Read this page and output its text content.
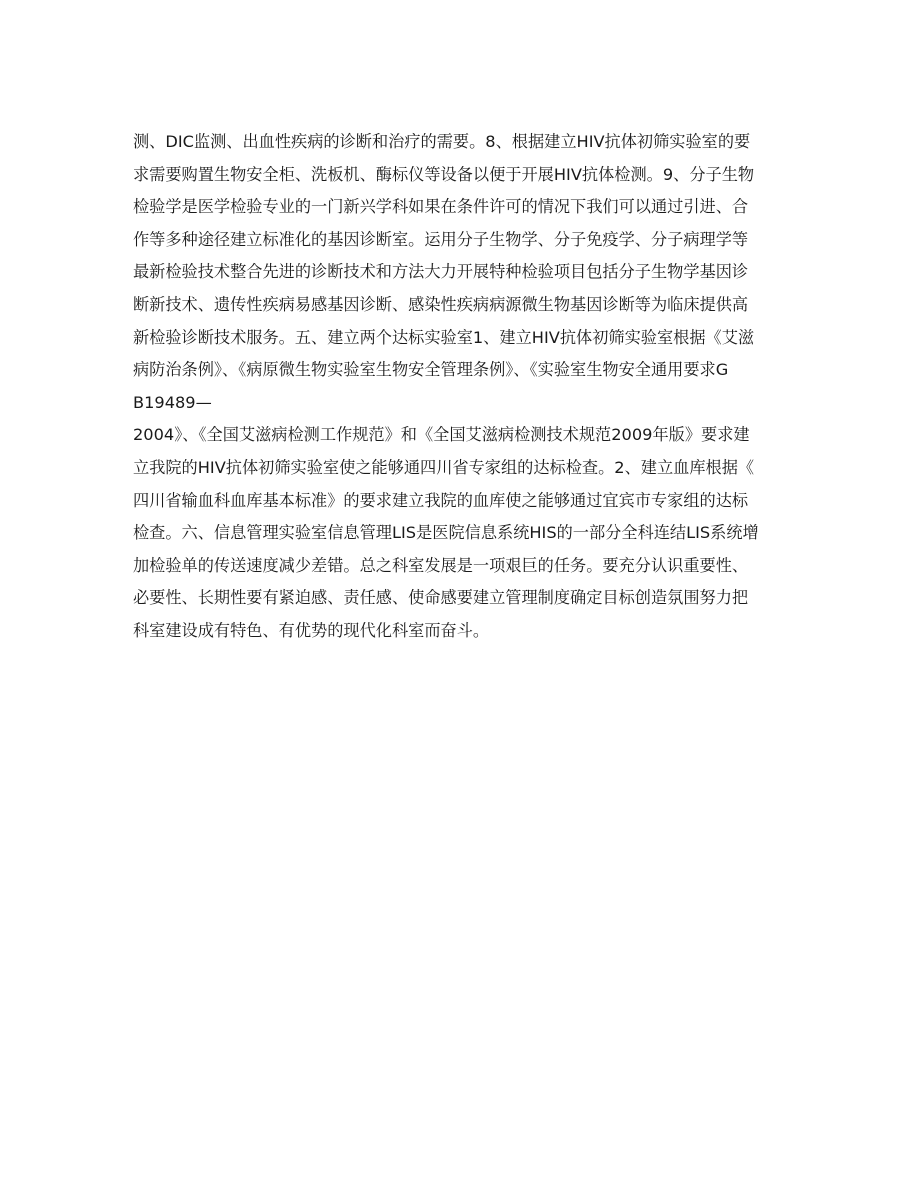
测、DIC监测、出血性疾病的诊断和治疗的需要。8、根据建立HIV抗体初筛实验室的要
求需要购置生物安全柜、洗板机、酶标仪等设备以便于开展HIV抗体检测。9、分子生物
检验学是医学检验专业的一门新兴学科如果在条件许可的情况下我们可以通过引进、合
作等多种途径建立标准化的基因诊断室。运用分子生物学、分子免疫学、分子病理学等
最新检验技术整合先进的诊断技术和方法大力开展特种检验项目包括分子生物学基因诊
断新技术、遗传性疾病易感基因诊断、感染性疾病病源微生物基因诊断等为临床提供高
新检验诊断技术服务。五、建立两个达标实验室1、建立HIV抗体初筛实验室根据《艾滋
病防治条例》、《病原微生物实验室生物安全管理条例》、《实验室生物安全通用要求G
B19489—
2004》、《全国艾滋病检测工作规范》和《全国艾滋病检测技术规范2009年版》要求建
立我院的HIV抗体初筛实验室使之能够通四川省专家组的达标检查。2、建立血库根据《
四川省输血科血库基本标准》的要求建立我院的血库使之能够通过宜宾市专家组的达标
检查。六、信息管理实验室信息管理LIS是医院信息系统HIS的一部分全科连结LIS系统增
加检验单的传送速度减少差错。总之科室发展是一项艰巨的任务。要充分认识重要性、
必要性、长期性要有紧迫感、责任感、使命感要建立管理制度确定目标创造氛围努力把
科室建设成有特色、有优势的现代化科室而奋斗。
